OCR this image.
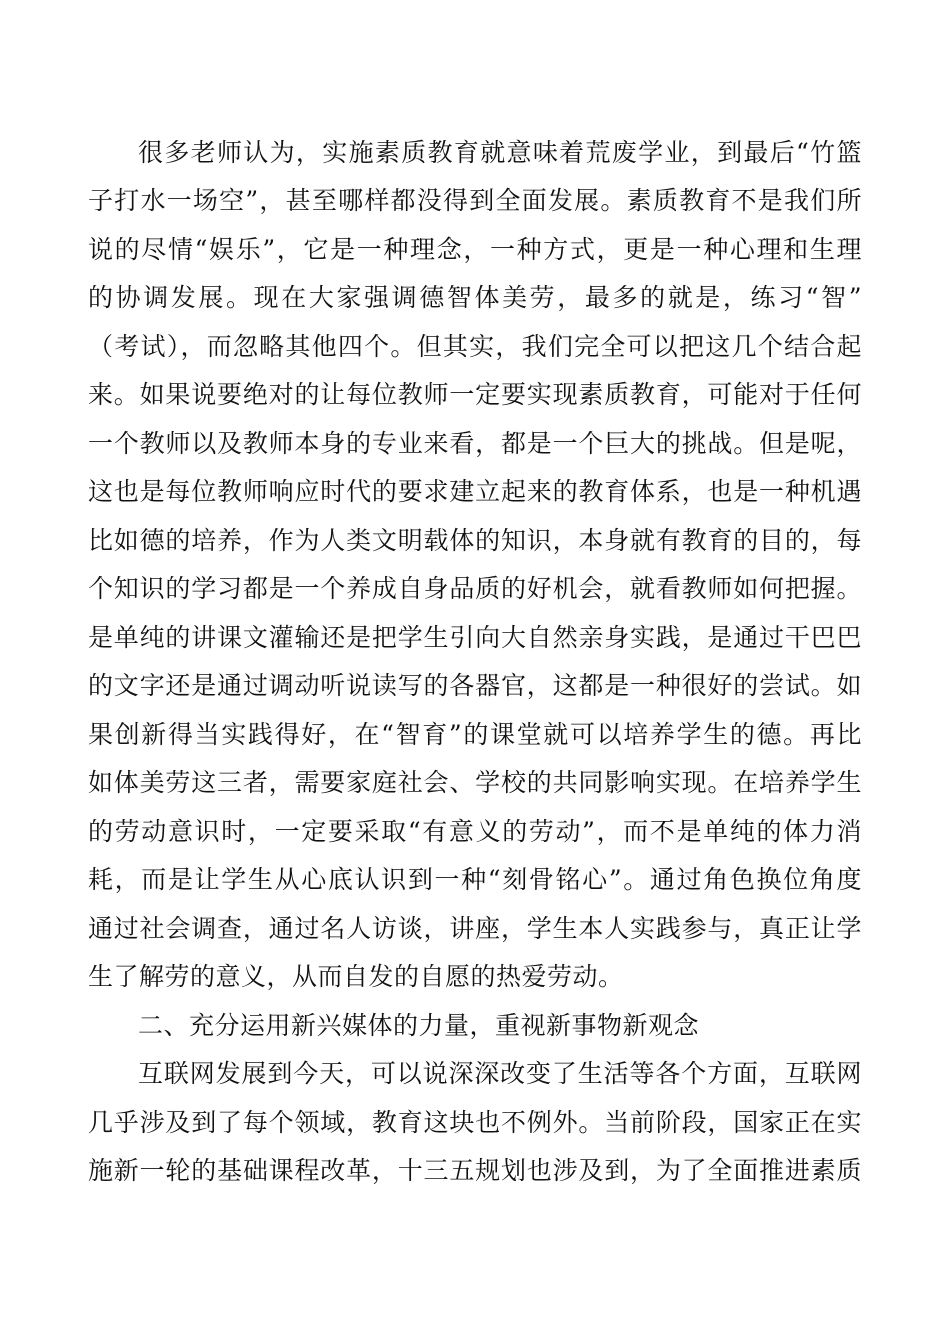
很多老师认为，实施素质教育就意味着荒废学业，到最后“竹篮
子打水一场空”，甚至哪样都没得到全面发展。素质教育不是我们所
说的尽情“娱乐”，它是一种理念，一种方式，更是一种心理和生理
的协调发展。现在大家强调德智体美劳，最多的就是，练习“智”
（考试），而忽略其他四个。但其实，我们完全可以把这几个结合起
来。如果说要绝对的让每位教师一定要实现素质教育，可能对于任何
一个教师以及教师本身的专业来看，都是一个巨大的挑战。但是呢，
这也是每位教师响应时代的要求建立起来的教育体系，也是一种机遇
比如德的培养，作为人类文明载体的知识，本身就有教育的目的，每
个知识的学习都是一个养成自身品质的好机会，就看教师如何把握。
是单纯的讲课文灌输还是把学生引向大自然亲身实践，是通过干巴巴
的文字还是通过调动听说读写的各器官，这都是一种很好的尝试。如
果创新得当实践得好，在“智育”的课堂就可以培养学生的德。再比
如体美劳这三者，需要家庭社会、学校的共同影响实现。在培养学生
的劳动意识时，一定要采取“有意义的劳动”，而不是单纯的体力消
耗，而是让学生从心底认识到一种“刻骨铭心”。通过角色换位角度
通过社会调查，通过名人访谈，讲座，学生本人实践参与，真正让学
生了解劳的意义，从而自发的自愿的热爱劳动。
二、充分运用新兴媒体的力量，重视新事物新观念
互联网发展到今天，可以说深深改变了生活等各个方面，互联网
几乎涉及到了每个领域，教育这块也不例外。当前阶段，国家正在实
施新一轮的基础课程改革，十三五规划也涉及到，为了全面推进素质
